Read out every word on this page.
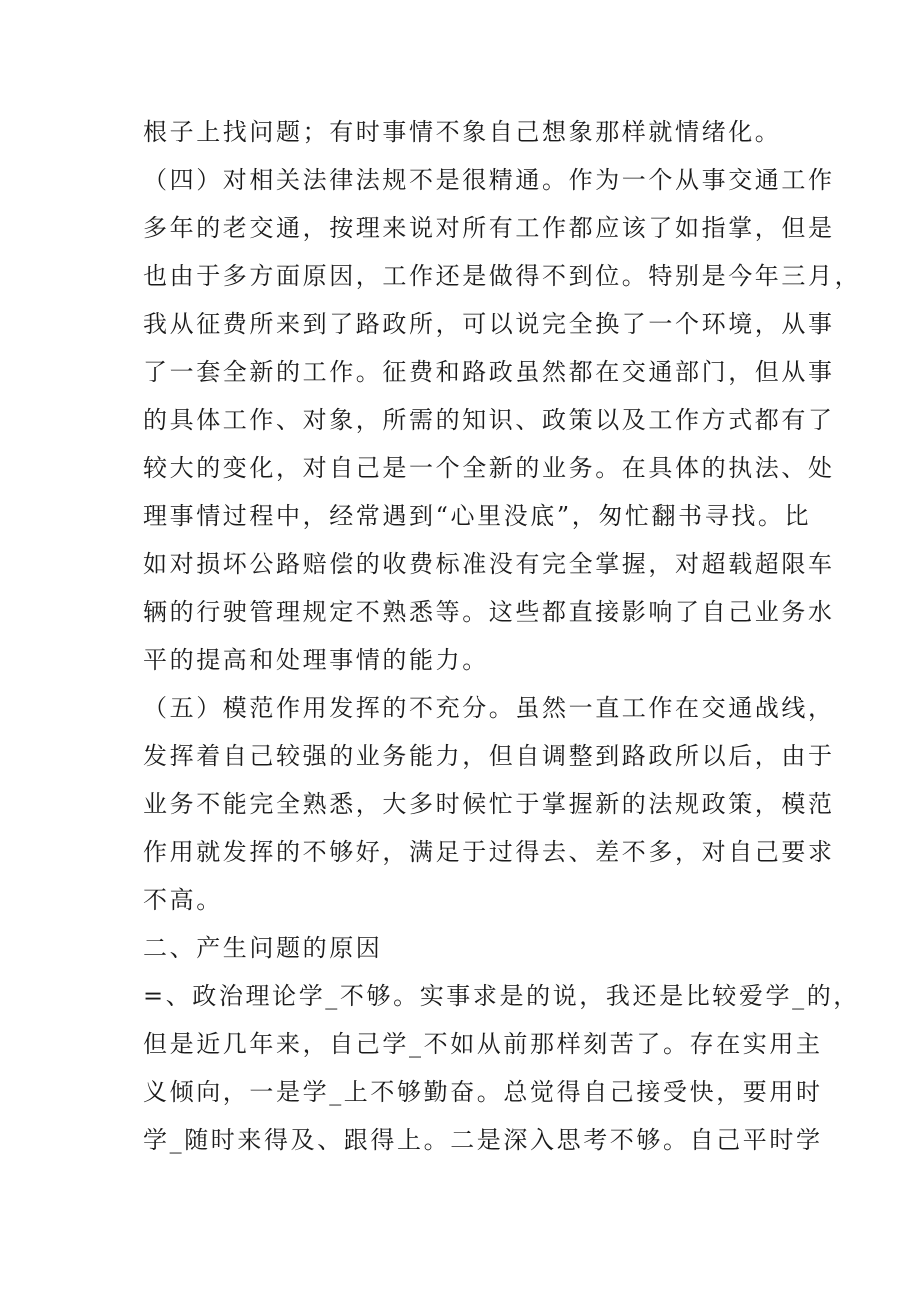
根子上找问题；有时事情不象自己想象那样就情绪化。
（四）对相关法律法规不是很精通。作为一个从事交通工作
多年的老交通，按理来说对所有工作都应该了如指掌，但是
也由于多方面原因，工作还是做得不到位。特别是今年三月，
我从征费所来到了路政所，可以说完全换了一个环境，从事
了一套全新的工作。征费和路政虽然都在交通部门，但从事
的具体工作、对象，所需的知识、政策以及工作方式都有了
较大的变化，对自己是一个全新的业务。在具体的执法、处
理事情过程中，经常遇到“心里没底”，匆忙翻书寻找。比
如对损坏公路赔偿的收费标准没有完全掌握，对超载超限车
辆的行驶管理规定不熟悉等。这些都直接影响了自己业务水
平的提高和处理事情的能力。
（五）模范作用发挥的不充分。虽然一直工作在交通战线，
发挥着自己较强的业务能力，但自调整到路政所以后，由于
业务不能完全熟悉，大多时候忙于掌握新的法规政策，模范
作用就发挥的不够好，满足于过得去、差不多，对自己要求
不高。
二、产生问题的原因
=、政治理论学_不够。实事求是的说，我还是比较爱学_的，
但是近几年来，自己学_不如从前那样刻苦了。存在实用主
义倾向，一是学_上不够勤奋。总觉得自己接受快，要用时
学_随时来得及、跟得上。二是深入思考不够。自己平时学
